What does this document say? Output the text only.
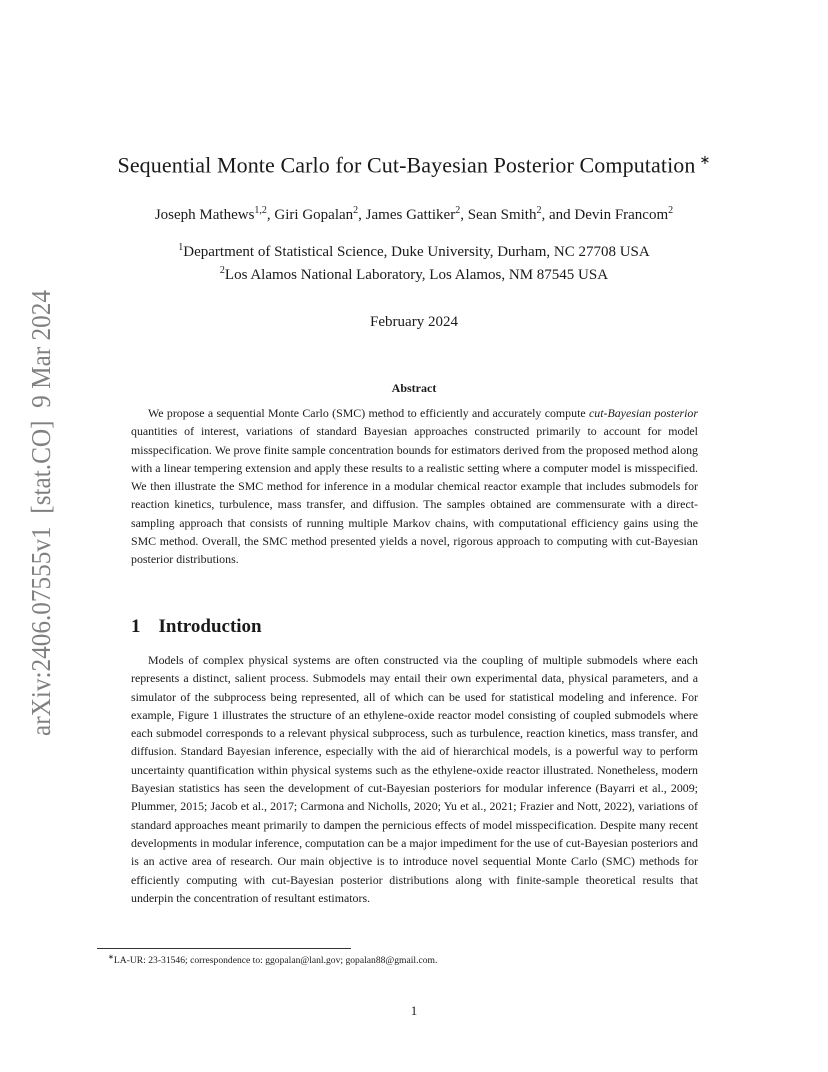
arXiv:2406.07555v1  [stat.CO]  9 Mar 2024
Sequential Monte Carlo for Cut-Bayesian Posterior Computation ∗
Joseph Mathews$^{1,2}$, Giri Gopalan$^2$, James Gattiker$^2$, Sean Smith$^2$, and Devin Francom$^2$
$^1$Department of Statistical Science, Duke University, Durham, NC 27708 USA
$^2$Los Alamos National Laboratory, Los Alamos, NM 87545 USA
February 2024
Abstract

We propose a sequential Monte Carlo (SMC) method to efficiently and accurately compute cut-Bayesian posterior quantities of interest, variations of standard Bayesian approaches constructed primarily to account for model misspecification. We prove finite sample concentration bounds for estimators derived from the proposed method along with a linear tempering extension and apply these results to a realistic setting where a computer model is misspecified. We then illustrate the SMC method for inference in a modular chemical reactor example that includes submodels for reaction kinetics, turbulence, mass transfer, and diffusion. The samples obtained are commensurate with a direct-sampling approach that consists of running multiple Markov chains, with computational efficiency gains using the SMC method. Overall, the SMC method presented yields a novel, rigorous approach to computing with cut-Bayesian posterior distributions.

1 Introduction

Models of complex physical systems are often constructed via the coupling of multiple submodels where each represents a distinct, salient process. Submodels may entail their own experimental data, physical parameters, and a simulator of the subprocess being represented, all of which can be used for statistical modeling and inference. For example, Figure 1 illustrates the structure of an ethylene-oxide reactor model consisting of coupled submodels where each submodel corresponds to a relevant physical subprocess, such as turbulence, reaction kinetics, mass transfer, and diffusion. Standard Bayesian inference, especially with the aid of hierarchical models, is a powerful way to perform uncertainty quantification within physical systems such as the ethylene-oxide reactor illustrated. Nonetheless, modern Bayesian statistics has seen the development of cut-Bayesian posteriors for modular inference (Bayarri et al., 2009; Plummer, 2015; Jacob et al., 2017; Carmona and Nicholls, 2020; Yu et al., 2021; Frazier and Nott, 2022), variations of standard approaches meant primarily to dampen the pernicious effects of model misspecification. Despite many recent developments in modular inference, computation can be a major impediment for the use of cut-Bayesian posteriors and is an active area of research. Our main objective is to introduce novel sequential Monte Carlo (SMC) methods for efficiently computing with cut-Bayesian posterior distributions along with finite-sample theoretical results that underpin the concentration of resultant estimators.

∗LA-UR: 23-31546; correspondence to: ggopalan@lanl.gov; gopalan88@gmail.com.

1
